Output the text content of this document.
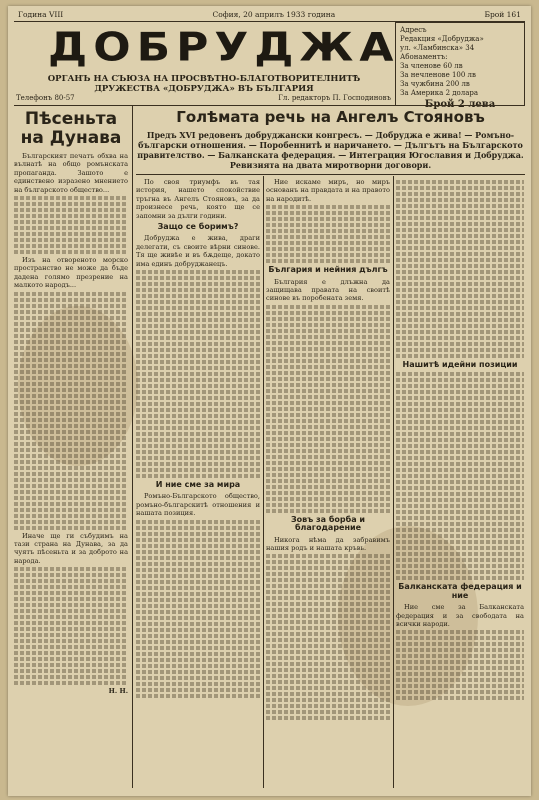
Година VIII	София, 20 априлъ 1933 година	Брой 161
ДОБРУДЖА Адресъ
Редакция «Добруджа»
ул. «Ламбинска» 34
Абонаментъ:
За членове 60 лв
За нечленове 100 лв
За чужбина 200 лв
За Америка 2 долара
ОРГАНЪ НА СЪЮЗА НА ПРОСВѢТНО-БЛАГОТВОРИТЕЛНИТѢ ДРУЖЕСТВА «ДОБРУДЖА» ВЪ БЪЛГАРИЯ
Телефонъ 80-57	Гл. редакторъ П. Господиновъ
Пѣсеньта на Дунава
Голѣмата речь на Ангелъ Стояновъ
Предъ XVI редовенъ добруджански конгресъ. — Добруджа е жива! — Ромъно-български отношения. — Поробеннитѣ и наричането. — Дългътъ на Българското правителство. — Балканската федерация. — Интеграция Югославия и Добруджа. Ревизията на двата миротворни договори.

Българският печатъ обхва на вълнатѣ на общо ромънската пропаганда. Зашото е единствено изразено мнението на българското общество...

Изъ на отвореното морско пространство не може да бъде дадена голямо презрение на малкото народъ...

Иначе ще ги събудимъ на тази страна на Дунава, за да чуятъ пѣсеньта и за доброто на народа.

Н. Н.

По своя триумфъ въ тая история, нашето спокойствие тръгна въ Ангелъ Стояновъ, за да произнесе речь, която ще се запомни за дълги години.

Защо се боримъ?

Добруджа е жива, драги делегати, съ своите вѣрни синове. Тя ще живѣе и въ бѫдеще, докато има единъ добруджанецъ.

И ние сме за мира

Ромъно-Българското общество, ромъно-българскитѣ отношения и нашата позиция.

Ние искаме миръ, но миръ основанъ на правдата и на правото на народитѣ.

България и нейния дългъ

България е длъжна да защищава правата на своитѣ синове въ поробената земя.

Зовъ за борба и благодарение

Никога нѣма да забравимъ нашия родъ и нашата кръвь.

Нашитѣ идейни позиции
Балканската федерация и ние

Ние сме за Балканската федерация и за свободата на всички народи.
